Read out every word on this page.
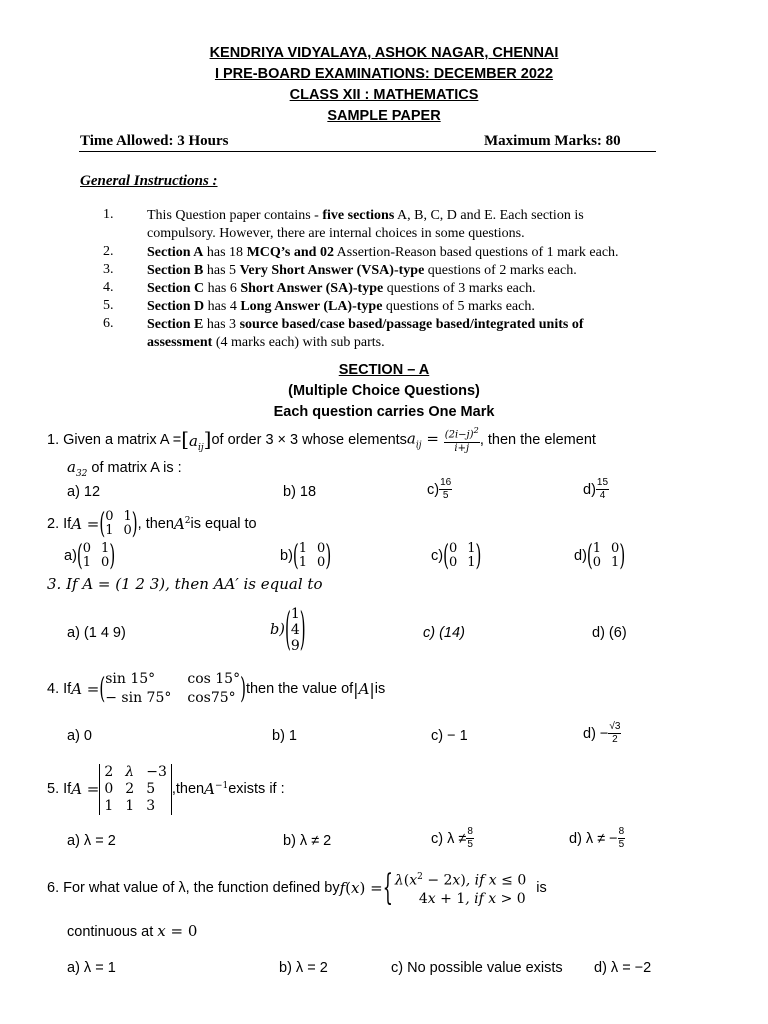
KENDRIYA VIDYALAYA, ASHOK NAGAR, CHENNAI
I PRE-BOARD EXAMINATIONS: DECEMBER 2022
CLASS XII : MATHEMATICS
SAMPLE PAPER
Time Allowed: 3 Hours	Maximum Marks: 80
General Instructions :
1. This Question paper contains - five sections A, B, C, D and E. Each section is compulsory. However, there are internal choices in some questions.
2. Section A has 18 MCQ’s and 02 Assertion-Reason based questions of 1 mark each.
3. Section B has 5 Very Short Answer (VSA)-type questions of 2 marks each.
4. Section C has 6 Short Answer (SA)-type questions of 3 marks each.
5. Section D has 4 Long Answer (LA)-type questions of 5 marks each.
6. Section E has 3 source based/case based/passage based/integrated units of assessment (4 marks each) with sub parts.
SECTION – A
(Multiple Choice Questions)
Each question carries One Mark
1. Given a matrix $A = [a_{ij}]$ of order 3 × 3 whose elements $a_{ij} = \frac{(2i-j)^2}{i+j}$ , then the element
$a_{32}$ of matrix A is :
a) 12	b) 18	$c) \frac{16}{5}$	$d) \frac{15}{4}$
2. If A = ( 0 1
1 0 ) , then $A^2$ is equal to
a) ( 0 1
1 0 )	b) ( 1 0
1 0 )	c) ( 0 1
0 1 )	d) ( 1 0
0 1 )
3. If A = (1 2 3), then AA′ is equal to
a) (1 4 9)	b) ( 1
4
9 )	c) (14)	d) (6)
4. If A = ( sin 15°	cos 15°
− sin 75° cos75° ) then the value of | A | is
a) 0	b) 1	c) − 1	$d) - \frac{√3}{2}$
5. If A =
2 λ −3
0 2 5
1 1 3
,then $A^{-1}$ exists if :
a) λ = 2	b) λ ≠ 2	c) $\lambda \ne \frac{8}{5}$	d) λ ≠ − $\frac{8}{5}$
6. For what value of λ, the function defined by f(x) = { $\lambda(x^2 - 2x)$, if x ≤ 0
4x + 1, if x > 0
is
continuous at x = 0
a) λ = 1	b) λ = 2	c) No possible value exists d) λ = −2
